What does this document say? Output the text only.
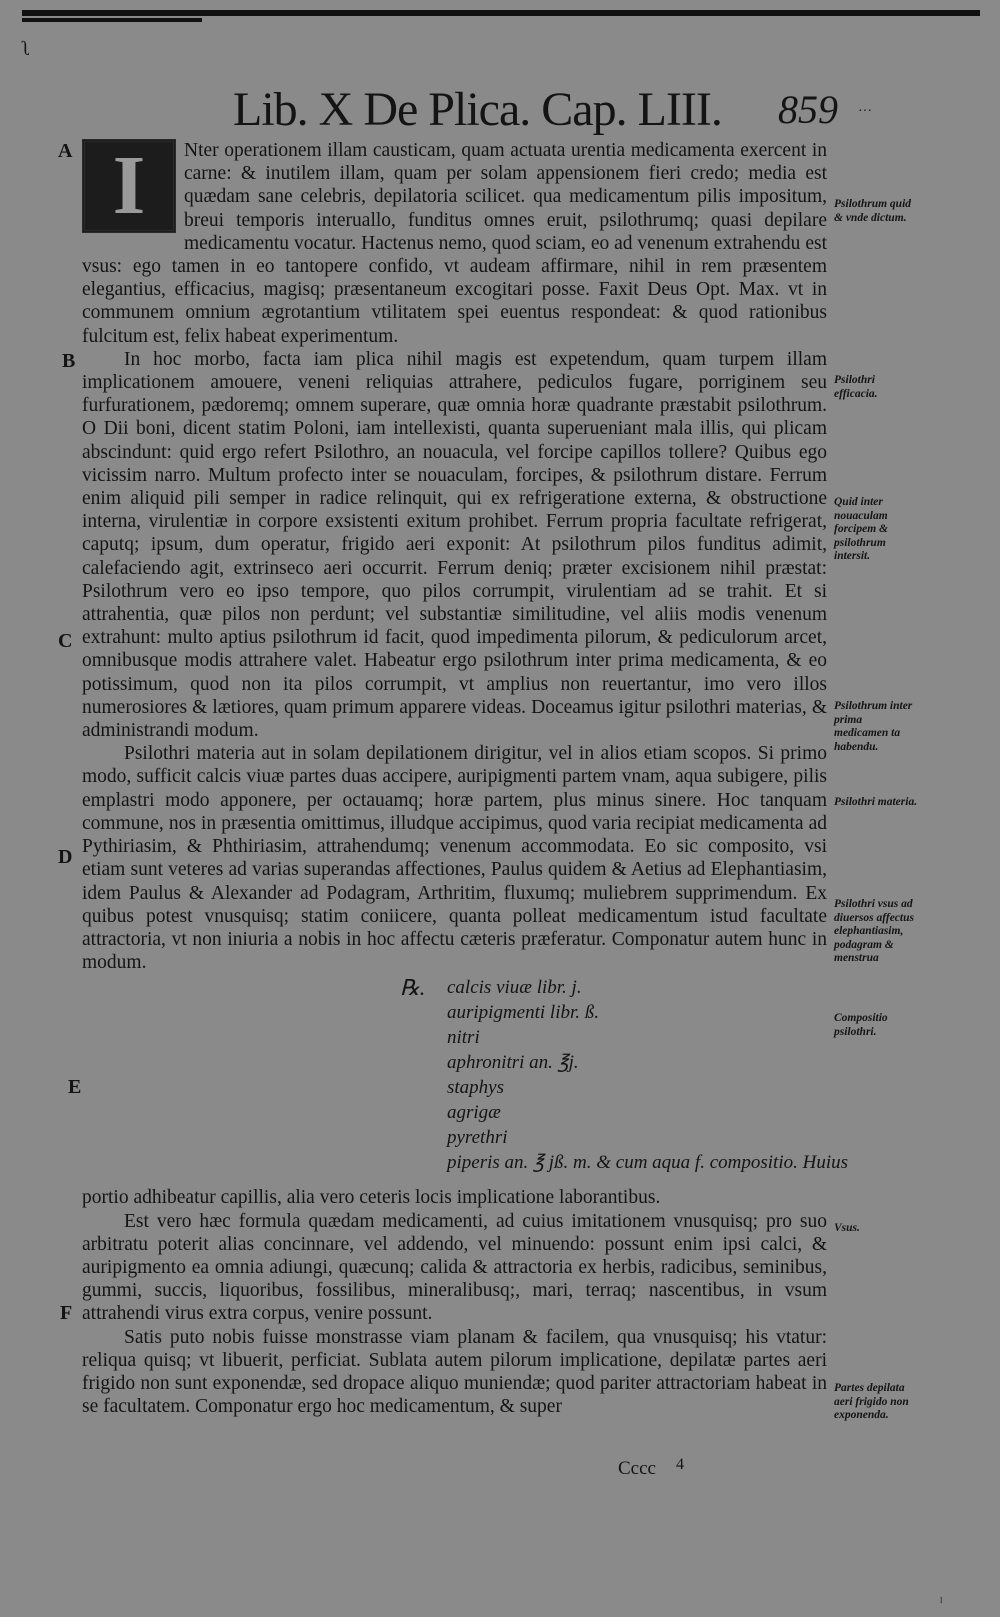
ʅ
Lib. X De Plica. Cap. LIII. 859 …
A
B
C
D
E
F

I	Nter operationem illam causticam, quam actuata urentia medicamenta exercent in carne: & inutilem illam, quam per solam appensionem fieri credo; media est quædam sane celebris, depilatoria scilicet. qua medicamentum pilis impositum, breui temporis interuallo, funditus omnes eruit, psilothrumq; quasi depilare medicamentu vocatur. Hactenus nemo, quod sciam, eo ad venenum extrahendu est vsus: ego tamen in eo tantopere confido, vt audeam affirmare, nihil in rem præsentem elegantius, efficacius, magisq; præsentaneum excogitari posse. Faxit Deus Opt. Max. vt in communem omnium ægrotantium vtilitatem spei euentus respondeat: & quod rationibus fulcitum est, felix habeat experimentum.

In hoc morbo, facta iam plica nihil magis est expetendum, quam turpem illam implicationem amouere, veneni reliquias attrahere, pediculos fugare, porriginem seu furfurationem, pædoremq; omnem superare, quæ omnia horæ quadrante præstabit psilothrum. O Dii boni, dicent statim Poloni, iam intellexisti, quanta superueniant mala illis, qui plicam abscindunt: quid ergo refert Psilothro, an nouacula, vel forcipe capillos tollere? Quibus ego vicissim narro. Multum profecto inter se nouaculam, forcipes, & psilothrum distare. Ferrum enim aliquid pili semper in radice relinquit, qui ex refrigeratione externa, & obstructione interna, virulentiæ in corpore exsistenti exitum prohibet. Ferrum propria facultate refrigerat, caputq; ipsum, dum operatur, frigido aeri exponit: At psilothrum pilos funditus adimit, calefaciendo agit, extrinseco aeri occurrit. Ferrum deniq; præter excisionem nihil præstat: Psilothrum vero eo ipso tempore, quo pilos corrumpit, virulentiam ad se trahit. Et si attrahentia, quæ pilos non perdunt; vel substantiæ similitudine, vel aliis modis venenum extrahunt: multo aptius psilothrum id facit, quod impedimenta pilorum, & pediculorum arcet, omnibusque modis attrahere valet. Habeatur ergo psilothrum inter prima medicamenta, & eo potissimum, quod non ita pilos corrumpit, vt amplius non reuertantur, imo vero illos numerosiores & lætiores, quam primum apparere videas. Doceamus igitur psilothri materias, & administrandi modum.

Psilothri materia aut in solam depilationem dirigitur, vel in alios etiam scopos. Si primo modo, sufficit calcis viuæ partes duas accipere, auripigmenti partem vnam, aqua subigere, pilis emplastri modo apponere, per octauamq; horæ partem, plus minus sinere. Hoc tanquam commune, nos in præsentia omittimus, illudque accipimus, quod varia recipiat medicamenta ad Pythiriasim, & Phthiriasim, attrahendumq; venenum accommodata. Eo sic composito, vsi etiam sunt veteres ad varias superandas affectiones, Paulus quidem & Aetius ad Elephantiasim, idem Paulus & Alexander ad Podagram, Arthritim, fluxumq; muliebrem supprimendum. Ex quibus potest vnusquisq; statim coniicere, quanta polleat medicamentum istud facultate attractoria, vt non iniuria a nobis in hoc affectu cæteris præferatur. Componatur autem hunc in modum.

℞. calcis viuæ libr. j.
auripigmenti libr. ß.
nitri
aphronitri an. ℥j.
staphys
agrigæ
pyrethri
piperis an. ℥ jß. m. & cum aqua f. compositio. Huius

portio adhibeatur capillis, alia vero ceteris locis implicatione laborantibus.

Est vero hæc formula quædam medicamenti, ad cuius imitationem vnusquisq; pro suo arbitratu poterit alias concinnare, vel addendo, vel minuendo: possunt enim ipsi calci, & auripigmento ea omnia adiungi, quæcunq; calida & attractoria ex herbis, radicibus, seminibus, gummi, succis, liquoribus, fossilibus, mineralibusq;, mari, terraq; nascentibus, in vsum attrahendi virus extra corpus, venire possunt.

Satis puto nobis fuisse monstrasse viam planam & facilem, qua vnusquisq; his vtatur: reliqua quisq; vt libuerit, perficiat. Sublata autem pilorum implicatione, depilatæ partes aeri frigido non sunt exponendæ, sed dropace aliquo muniendæ; quod pariter attractoriam habeat in se facultatem. Componatur ergo hoc medicamentum, & super

Psilothrum quid & vnde dictum.
Psilothri efficacia.
Quid inter nouaculam forcipem & psilothrum intersit.
Psilothrum inter prima medicamen ta habendu.
Psilothri materia.
Psilothri vsus ad diuersos affectus elephantiasim, podagram & menstrua
Compositio psilothri.
Vsus.
Partes depilata aeri frigido non exponenda.
Cccc 4
ˡ
